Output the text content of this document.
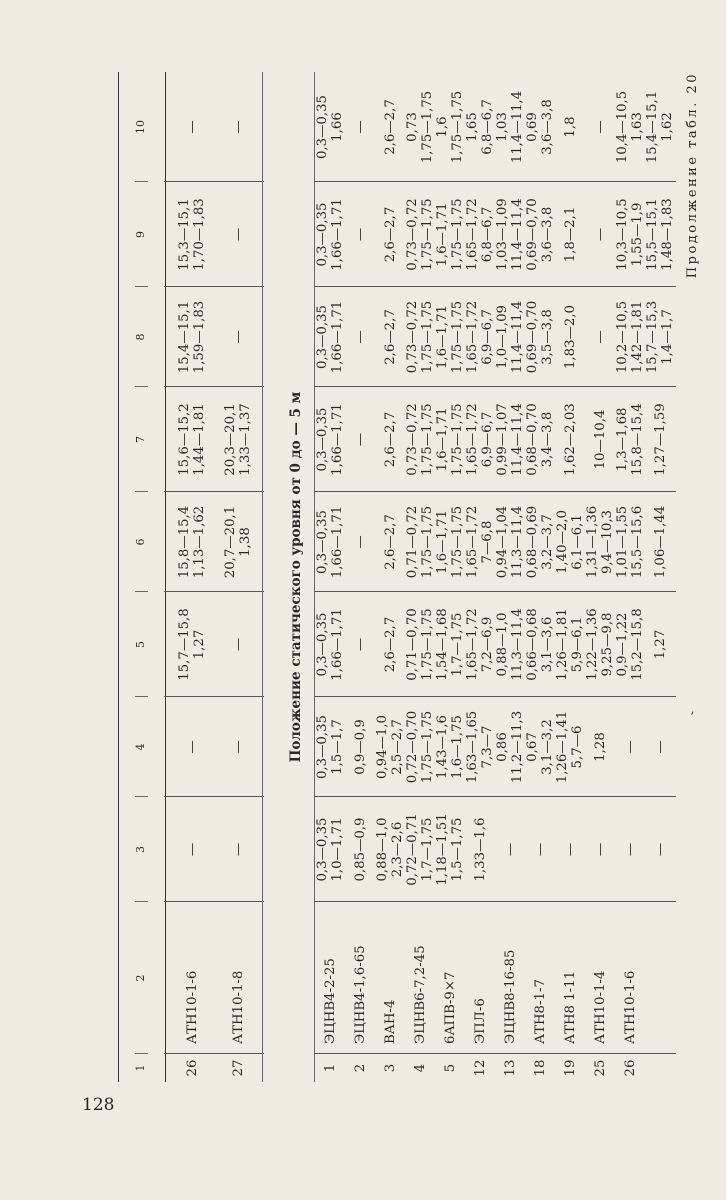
128
’
Продолжение табл. 20
1
2
3
4
5
6
7
8
9
10
26
АТН10-1-6
—
—
15,7—15,8 1,27
15,8—15,4 1,13—1,62
15,6—15,2 1,44—1,81
15,4—15,1 1,59—1,83
15,3—15,1 1,70—1,83
—
27
АТН10-1-8
—
—
—
20,7—20,1 1,38
20,3—20,1 1,33—1,37
—
—
—
Положение статического уровня от 0 до — 5 м
1
ЭЦНВ4-2-25
0,3—0,35 1,0—1,71
0,3—0,35 1,5—1,7
0,3—0,35 1,66—1,71
0,3—0,35 1,66—1,71
0,3—0,35 1,66—1,71
0,3—0,35 1,66—1,71
0,3—0,35 1,66—1,71
0,3—0,35 1,66
2
ЭЦНВ4-1,6-65
0,85—0,9
0,9—0,9
—
—
—
—
—
—
3
ВАН-4
0,88—1,0 2,3—2,6
0,94—1,0 2,5—2,7
2,6—2,7
2,6—2,7
2,6—2,7
2,6—2,7
2,6—2,7
2,6—2,7
4
ЭЦНВ6-7,2-45
0,72—0,71 1,7—1,75
0,72—0,70 1,75—1,75
0,71—0,70 1,75—1,75
0,71—0,72 1,75—1,75
0,73—0,72 1,75—1,75
0,73—0,72 1,75—1,75
0,73—0,72 1,75—1,75
0,73 1,75—1,75
5
6АПВ-9×7
1,18—1,51 1,5—1,75
1,43—1,6 1,6—1,75
1,54—1,68 1,7—1,75
1,6—1,71 1,75—1,75
1,6—1,71 1,75—1,75
1,6—1,71 1,75—1,75
1,6—1,71 1,75—1,75
1,6 1,75—1,75
12
ЭПЛ-6
1,33—1,6
1,63—1,65 7,3—7
1,65—1,72 7,2—6,9
1,65—1,72 7—6,8
1,65—1,72 6,9—6,7
1,65—1,72 6,9—6,7
1,65—1,72 6,8—6,7
1,65 6,8—6,7
13
ЭЦНВ8-16-85
—
0,86 11,2—11,3
0,88—1,0 11,3—11,4
0,94—1,04 11,3—11,4
0,99—1,07 11,4—11,4
1,0—1,09 11,4—11,4
1,03—1,09 11,4—11,4
1,03 11,4—11,4
18
АТН8-1-7
—
0,67 3,1—3,2
0,66—0,68 3,1—3,6
0,68—0,69 3,2—3,7
0,68—0,70 3,4—3,8
0,69—0,70 3,5—3,8
0,69—0,70 3,6—3,8
0,69 3,6—3,8
19
АТН8 1-11
—
1,26—1,41 5,7—6
1,26—1,81 5,9—6,1
1,40—2,0 6,1—6,1
1,62—2,03
1,83—2,0
1,8—2,1
1,8
25
АТН10-1-4
—
1,28
1,22—1,36 9,25—9,8
1,31—1,36 9,4—10,3
10—10,4
—
—
—
26
АТН10-1-6
—
—
0,9—1,22 15,2—15,8
1,01—1,55 15,5—15,6
1,3—1,68 15,8—15,4
10,2—10,5 1,42—1,81
10,3—10,5 1,55—1,9
10,4—10,5 1,63
—
—
1,27
1,06—1,44
1,27—1,59
15,7—15,3 1,4—1,7
15,5—15,1 1,48—1,83
15,4—15,1 1,62
